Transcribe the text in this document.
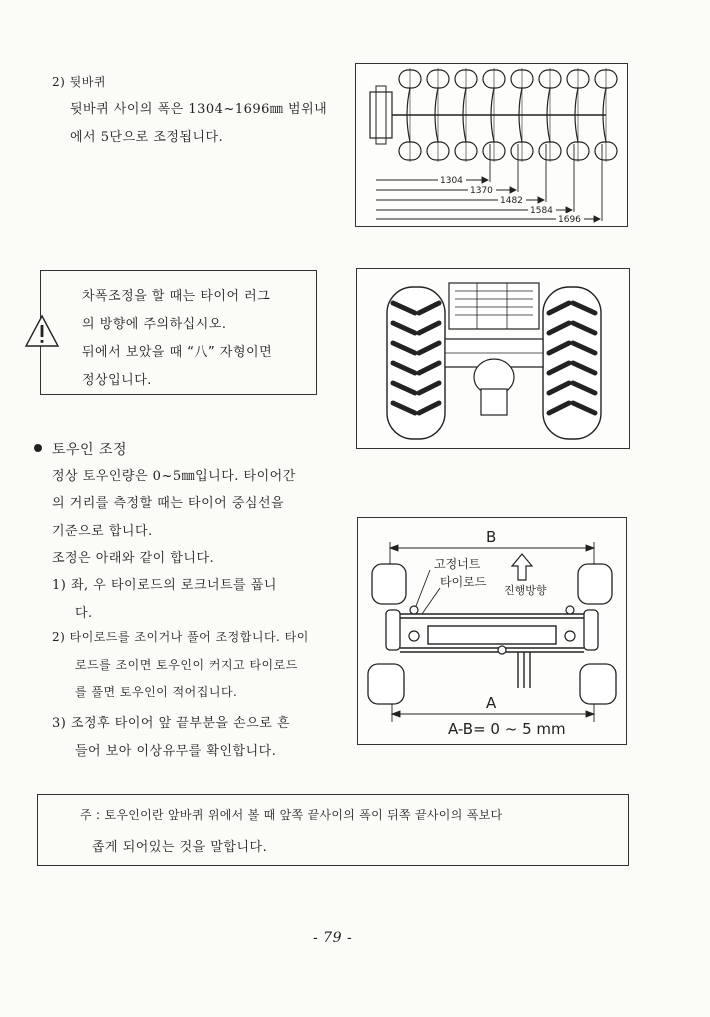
2) 뒷바퀴
뒷바퀴 사이의 폭은 1304~1696㎜ 범위내
에서 5단으로 조정됩니다.
1304
1370
1482
1584
1696
차폭조정을 할 때는 타이어 러그
의 방향에 주의하십시오.
뒤에서 보았을 때 “八” 자형이면
정상입니다.
토우인 조정
정상 토우인량은 0~5㎜입니다. 타이어간
의 거리를 측정할 때는 타이어 중심선을
기준으로 합니다.
조정은 아래와 같이 합니다.
1) 좌, 우 타이로드의 로크너트를 풉니
다.
2) 타이로드를 조이거나 풀어 조정합니다. 타이
로드를 조이면 토우인이 커지고 타이로드
를 풀면 토우인이 적어집니다.
3) 조정후 타이어 앞 끝부분을 손으로 흔
들어 보아 이상유무를 확인합니다.
고정너트
타이로드
진행방향
B
A
A-B= 0 ~ 5 mm
주 : 토우인이란 앞바퀴 위에서 볼 때 앞쪽 끝사이의 폭이 뒤쪽 끝사이의 폭보다
좁게 되어있는 것을 말합니다.
- 79 -
